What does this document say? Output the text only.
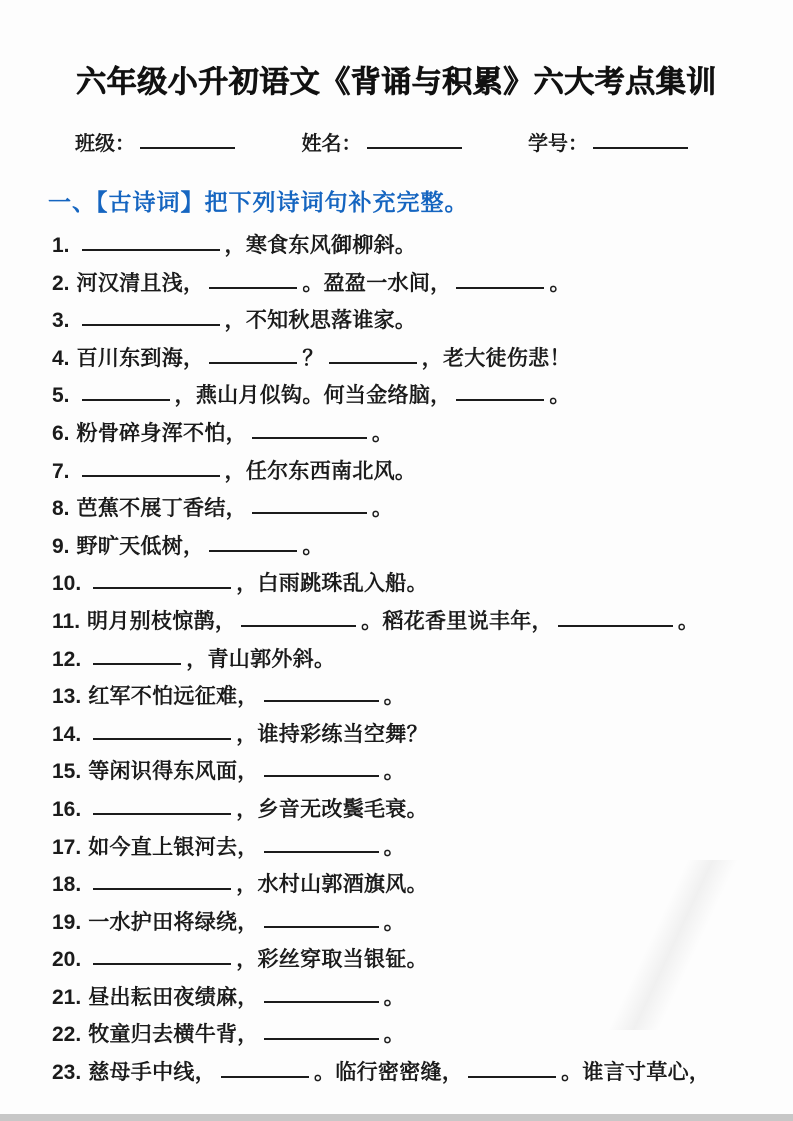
六年级小升初语文《背诵与积累》六大考点集训
班级：	姓名：	学号：
一、【古诗词】把下列诗词句补充完整。
1.	，寒食东风御柳斜。
2. 河汉清且浅，	。盈盈一水间，	。
3.	，不知秋思落谁家。
4. 百川东到海，	？	，老大徒伤悲！
5.	，燕山月似钩。何当金络脑，	。
6. 粉骨碎身浑不怕，	。
7.	，任尔东西南北风。
8. 芭蕉不展丁香结，	。
9. 野旷天低树，	。
10.	，白雨跳珠乱入船。
11. 明月别枝惊鹊，	。稻花香里说丰年，	。
12.	，青山郭外斜。
13. 红军不怕远征难，	。
14.	，谁持彩练当空舞？
15. 等闲识得东风面，	。
16.	，乡音无改鬓毛衰。
17. 如今直上银河去，	。
18.	，水村山郭酒旗风。
19. 一水护田将绿绕，	。
20.	，彩丝穿取当银钲。
21. 昼出耘田夜绩麻，	。
22. 牧童归去横牛背，	。
23. 慈母手中线，	。临行密密缝，	。谁言寸草心，
